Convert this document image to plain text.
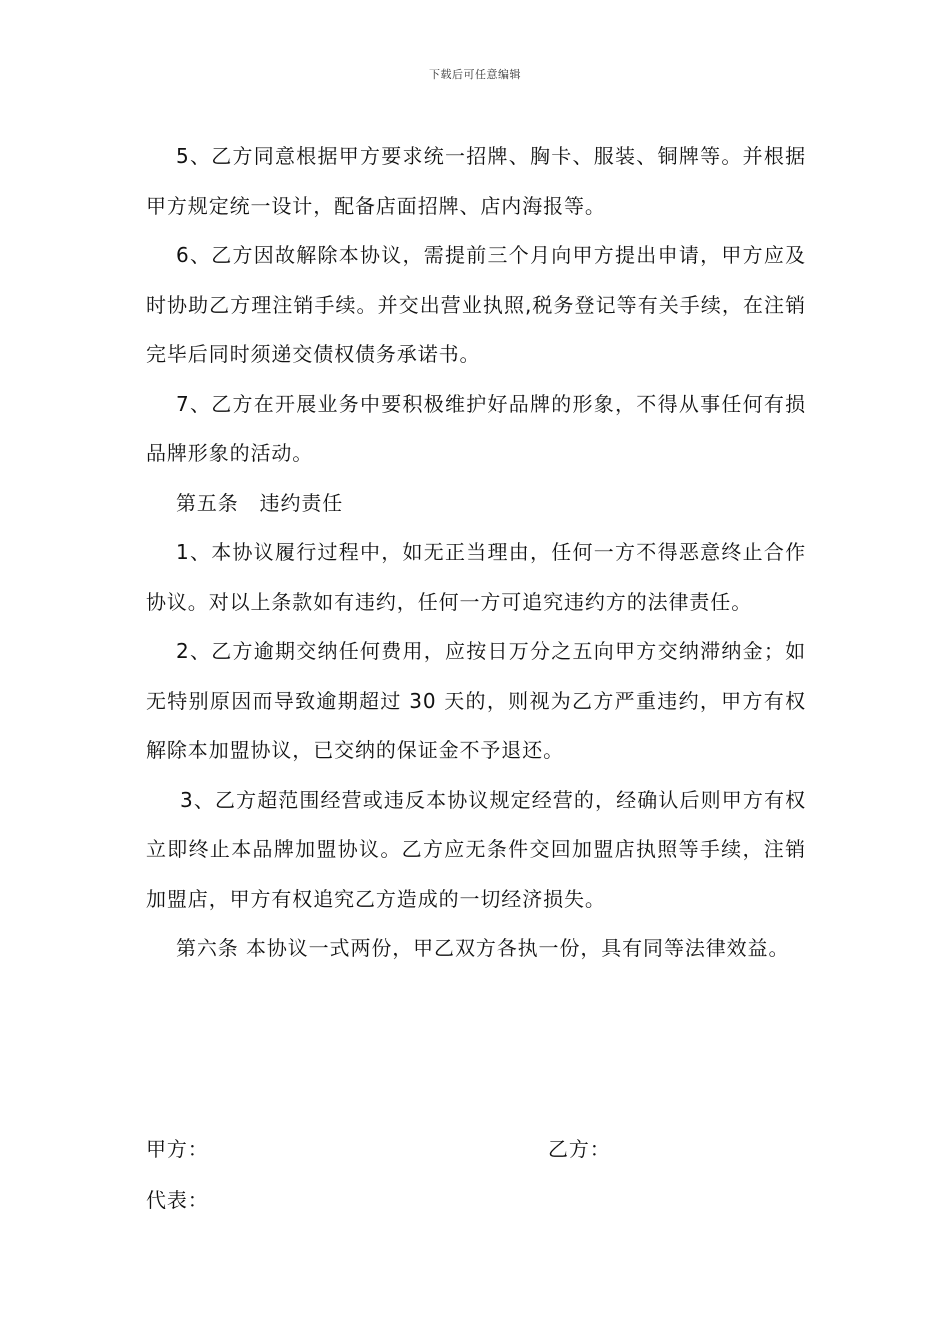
下载后可任意编辑

5、乙方同意根据甲方要求统一招牌、胸卡、服装、铜牌等。并根据甲方规定统一设计，配备店面招牌、店内海报等。

6、乙方因故解除本协议，需提前三个月向甲方提出申请，甲方应及时协助乙方理注销手续。并交出营业执照,税务登记等有关手续，在注销完毕后同时须递交债权债务承诺书。

7、乙方在开展业务中要积极维护好品牌的形象，不得从事任何有损品牌形象的活动。

第五条　违约责任

1、本协议履行过程中，如无正当理由，任何一方不得恶意终止合作协议。对以上条款如有违约，任何一方可追究违约方的法律责任。

2、乙方逾期交纳任何费用，应按日万分之五向甲方交纳滞纳金；如无特别原因而导致逾期超过 30 天的，则视为乙方严重违约，甲方有权解除本加盟协议，已交纳的保证金不予退还。

3、乙方超范围经营或违反本协议规定经营的，经确认后则甲方有权立即终止本品牌加盟协议。乙方应无条件交回加盟店执照等手续，注销加盟店，甲方有权追究乙方造成的一切经济损失。

第六条 本协议一式两份，甲乙双方各执一份，具有同等法律效益。

甲方：	乙方：
代表：
